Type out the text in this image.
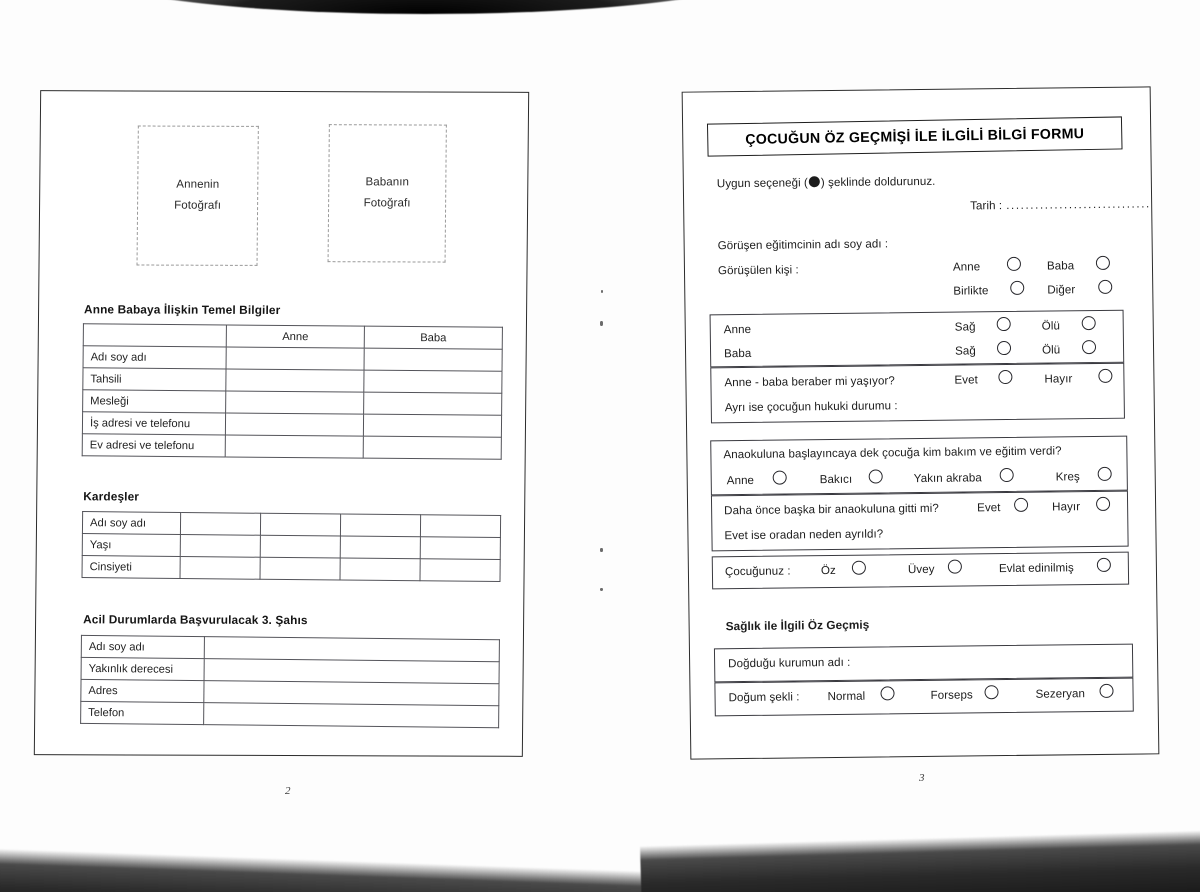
Annenin
Fotoğrafı
Babanın
Fotoğrafı
Anne Babaya İlişkin Temel Bilgiler
	Anne	Baba
Adı soy adı		
Tahsili		
Mesleği		
İş adresi ve telefonu		
Ev adresi ve telefonu		
Kardeşler
Adı soy adı				
Yaşı				
Cinsiyeti				
Acil Durumlarda Başvurulacak 3. Şahıs
Adı soy adı	
Yakınlık derecesi	
Adres	
Telefon	
ÇOCUĞUN ÖZ GEÇMİŞİ İLE İLGİLİ BİLGİ FORMU
Uygun seçeneği ( ) şeklinde doldurunuz.
Tarih : ..............................
Görüşen eğitimcinin adı soy adı :
Görüşülen kişi :	Anne	Baba
Birlikte	Diğer
Anne	Sağ	Ölü
Baba	Sağ	Ölü
Anne - baba beraber mi yaşıyor?	Evet	Hayır
Ayrı ise çocuğun hukuki durumu :
Anaokuluna başlayıncaya dek çocuğa kim bakım ve eğitim verdi?
Anne	Bakıcı	Yakın akraba	Kreş
Daha önce başka bir anaokuluna gitti mi?	Evet	Hayır
Evet ise oradan neden ayrıldı?
Çocuğunuz :	Öz	Üvey	Evlat edinilmiş
Sağlık ile İlgili Öz Geçmiş
Doğduğu kurumun adı :
Doğum şekli : Normal	Forseps	Sezeryan
2
3
